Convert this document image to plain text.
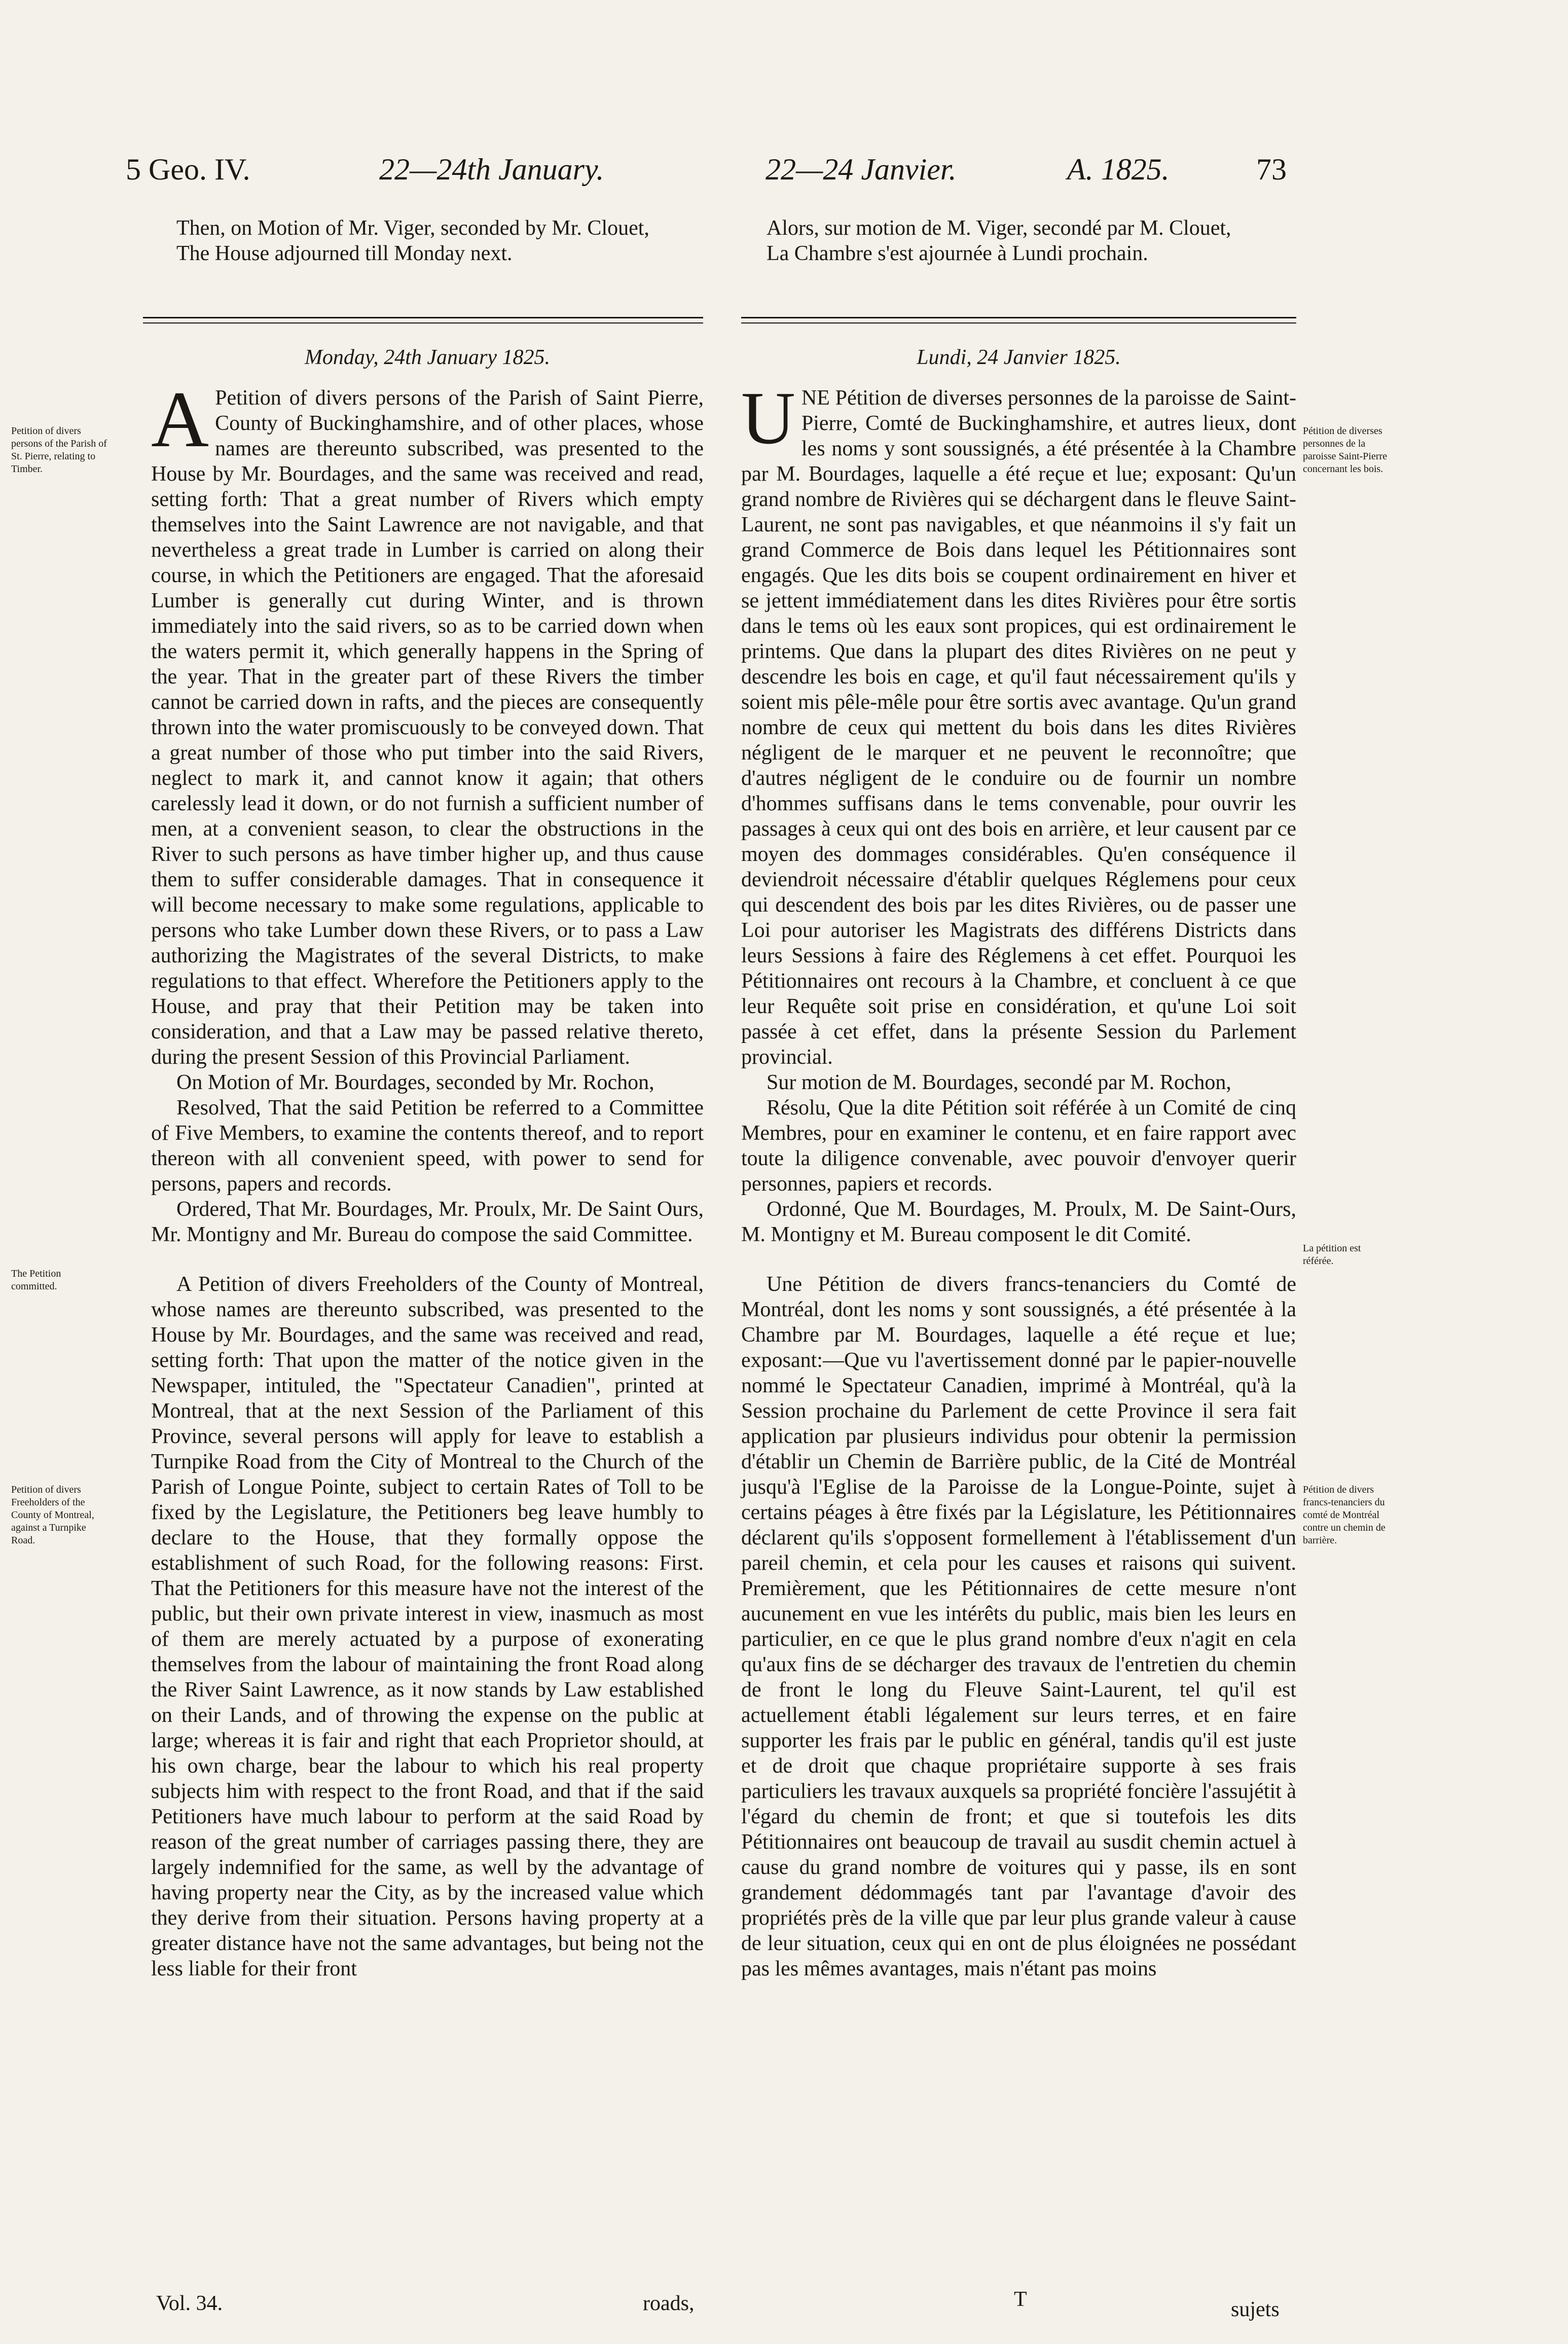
5 Geo. IV.	22—24th January.	22—24 Janvier.	A. 1825.	73

Then, on Motion of Mr. Viger, seconded by Mr. Clouet,

The House adjourned till Monday next.

Alors, sur motion de M. Viger, secondé par M. Clouet,

La Chambre s'est ajournée à Lundi prochain.

Monday, 24th January 1825.

A Petition of divers persons of the Parish of Saint Pierre, County of Buckinghamshire, and of other places, whose names are thereunto subscribed, was presented to the House by Mr. Bourdages, and the same was received and read, setting forth: That a great number of Rivers which empty themselves into the Saint Lawrence are not navigable, and that nevertheless a great trade in Lumber is carried on along their course, in which the Petitioners are engaged. That the aforesaid Lumber is generally cut during Winter, and is thrown immediately into the said rivers, so as to be carried down when the waters permit it, which generally happens in the Spring of the year. That in the greater part of these Rivers the timber cannot be carried down in rafts, and the pieces are consequently thrown into the water promiscuously to be conveyed down. That a great number of those who put timber into the said Rivers, neglect to mark it, and cannot know it again; that others carelessly lead it down, or do not furnish a sufficient number of men, at a convenient season, to clear the obstructions in the River to such persons as have timber higher up, and thus cause them to suffer considerable damages. That in consequence it will become necessary to make some regulations, applicable to persons who take Lumber down these Rivers, or to pass a Law authorizing the Magistrates of the several Districts, to make regulations to that effect. Wherefore the Petitioners apply to the House, and pray that their Petition may be taken into consideration, and that a Law may be passed relative thereto, during the present Session of this Provincial Parliament.

On Motion of Mr. Bourdages, seconded by Mr. Rochon,

Resolved, That the said Petition be referred to a Committee of Five Members, to examine the contents thereof, and to report thereon with all convenient speed, with power to send for persons, papers and records.

Ordered, That Mr. Bourdages, Mr. Proulx, Mr. De Saint Ours, Mr. Montigny and Mr. Bureau do compose the said Committee.

A Petition of divers Freeholders of the County of Montreal, whose names are thereunto subscribed, was presented to the House by Mr. Bourdages, and the same was received and read, setting forth: That upon the matter of the notice given in the Newspaper, intituled, the "Spectateur Canadien", printed at Montreal, that at the next Session of the Parliament of this Province, several persons will apply for leave to establish a Turnpike Road from the City of Montreal to the Church of the Parish of Longue Pointe, subject to certain Rates of Toll to be fixed by the Legislature, the Petitioners beg leave humbly to declare to the House, that they formally oppose the establishment of such Road, for the following reasons: First. That the Petitioners for this measure have not the interest of the public, but their own private interest in view, inasmuch as most of them are merely actuated by a purpose of exonerating themselves from the labour of maintaining the front Road along the River Saint Lawrence, as it now stands by Law established on their Lands, and of throwing the expense on the public at large; whereas it is fair and right that each Proprietor should, at his own charge, bear the labour to which his real property subjects him with respect to the front Road, and that if the said Petitioners have much labour to perform at the said Road by reason of the great number of carriages passing there, they are largely indemnified for the same, as well by the advantage of having property near the City, as by the increased value which they derive from their situation. Persons having property at a greater distance have not the same advantages, but being not the less liable for their front

Lundi, 24 Janvier 1825.

UNE Pétition de diverses personnes de la paroisse de Saint-Pierre, Comté de Buckinghamshire, et autres lieux, dont les noms y sont soussignés, a été présentée à la Chambre par M. Bourdages, laquelle a été reçue et lue; exposant: Qu'un grand nombre de Rivières qui se déchargent dans le fleuve Saint-Laurent, ne sont pas navigables, et que néanmoins il s'y fait un grand Commerce de Bois dans lequel les Pétitionnaires sont engagés. Que les dits bois se coupent ordinairement en hiver et se jettent immédiatement dans les dites Rivières pour être sortis dans le tems où les eaux sont propices, qui est ordinairement le printems. Que dans la plupart des dites Rivières on ne peut y descendre les bois en cage, et qu'il faut nécessairement qu'ils y soient mis pêle-mêle pour être sortis avec avantage. Qu'un grand nombre de ceux qui mettent du bois dans les dites Rivières négligent de le marquer et ne peuvent le reconnoître; que d'autres négligent de le conduire ou de fournir un nombre d'hommes suffisans dans le tems convenable, pour ouvrir les passages à ceux qui ont des bois en arrière, et leur causent par ce moyen des dommages considérables. Qu'en conséquence il deviendroit nécessaire d'établir quelques Réglemens pour ceux qui descendent des bois par les dites Rivières, ou de passer une Loi pour autoriser les Magistrats des différens Districts dans leurs Sessions à faire des Réglemens à cet effet. Pourquoi les Pétitionnaires ont recours à la Chambre, et concluent à ce que leur Requête soit prise en considération, et qu'une Loi soit passée à cet effet, dans la présente Session du Parlement provincial.

Sur motion de M. Bourdages, secondé par M. Rochon,

Résolu, Que la dite Pétition soit référée à un Comité de cinq Membres, pour en examiner le contenu, et en faire rapport avec toute la diligence convenable, avec pouvoir d'envoyer querir personnes, papiers et records.

Ordonné, Que M. Bourdages, M. Proulx, M. De Saint-Ours, M. Montigny et M. Bureau composent le dit Comité.

Une Pétition de divers francs-tenanciers du Comté de Montréal, dont les noms y sont soussignés, a été présentée à la Chambre par M. Bourdages, laquelle a été reçue et lue; exposant:—Que vu l'avertissement donné par le papier-nouvelle nommé le Spectateur Canadien, imprimé à Montréal, qu'à la Session prochaine du Parlement de cette Province il sera fait application par plusieurs individus pour obtenir la permission d'établir un Chemin de Barrière public, de la Cité de Montréal jusqu'à l'Eglise de la Paroisse de la Longue-Pointe, sujet à certains péages à être fixés par la Législature, les Pétitionnaires déclarent qu'ils s'opposent formellement à l'établissement d'un pareil chemin, et cela pour les causes et raisons qui suivent. Premièrement, que les Pétitionnaires de cette mesure n'ont aucunement en vue les intérêts du public, mais bien les leurs en particulier, en ce que le plus grand nombre d'eux n'agit en cela qu'aux fins de se décharger des travaux de l'entretien du chemin de front le long du Fleuve Saint-Laurent, tel qu'il est actuellement établi légalement sur leurs terres, et en faire supporter les frais par le public en général, tandis qu'il est juste et de droit que chaque propriétaire supporte à ses frais particuliers les travaux auxquels sa propriété foncière l'assujétit à l'égard du chemin de front; et que si toutefois les dits Pétitionnaires ont beaucoup de travail au susdit chemin actuel à cause du grand nombre de voitures qui y passe, ils en sont grandement dédommagés tant par l'avantage d'avoir des propriétés près de la ville que par leur plus grande valeur à cause de leur situation, ceux qui en ont de plus éloignées ne possédant pas les mêmes avantages, mais n'étant pas moins

Petition of divers persons of the Parish of St. Pierre, relating to Timber.
The Petition committed.
Petition of divers Freeholders of the County of Montreal, against a Turnpike Road.
Pétition de diverses personnes de la paroisse Saint-Pierre concernant les bois.
La pétition est référée.
Pétition de divers francs-tenanciers du comté de Montréal contre un chemin de barrière.
Vol. 34.	roads,	T	sujets
